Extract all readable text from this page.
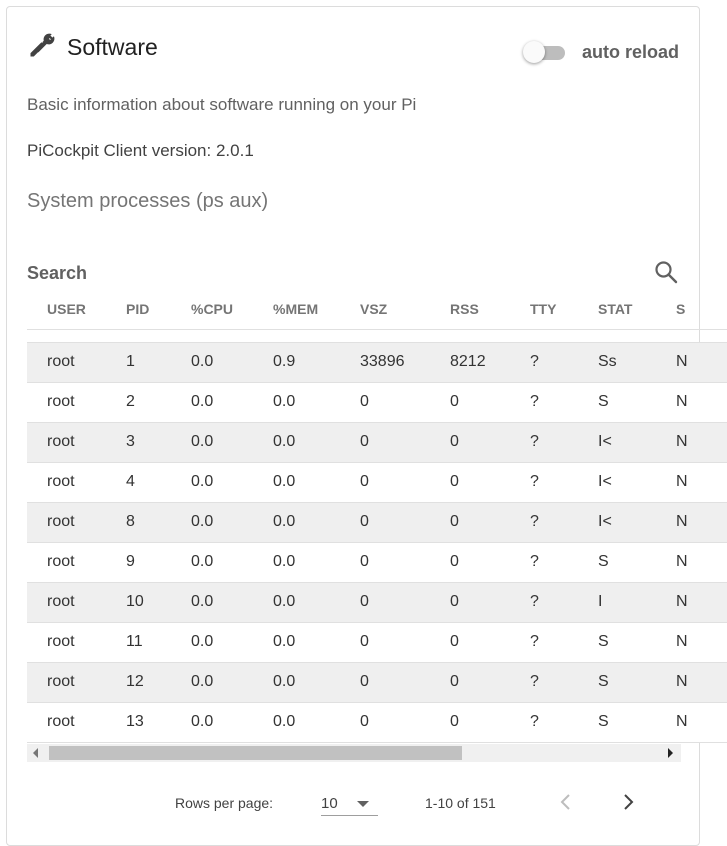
Software	auto reload
Basic information about software running on your Pi
PiCockpit Client version: 2.0.1
System processes (ps aux)
Search
USER	PID	%CPU	%MEM	VSZ	RSS	TTY	STAT	S

root	1	0.0	0.9	33896	8212	?	Ss	N
root	2	0.0	0.0	0	0	?	S	N
root	3	0.0	0.0	0	0	?	I<	N
root	4	0.0	0.0	0	0	?	I<	N
root	8	0.0	0.0	0	0	?	I<	N
root	9	0.0	0.0	0	0	?	S	N
root	10	0.0	0.0	0	0	?	I	N
root	11	0.0	0.0	0	0	?	S	N
root	12	0.0	0.0	0	0	?	S	N
root	13	0.0	0.0	0	0	?	S	N
Rows per page:	10	1-10 of 151
